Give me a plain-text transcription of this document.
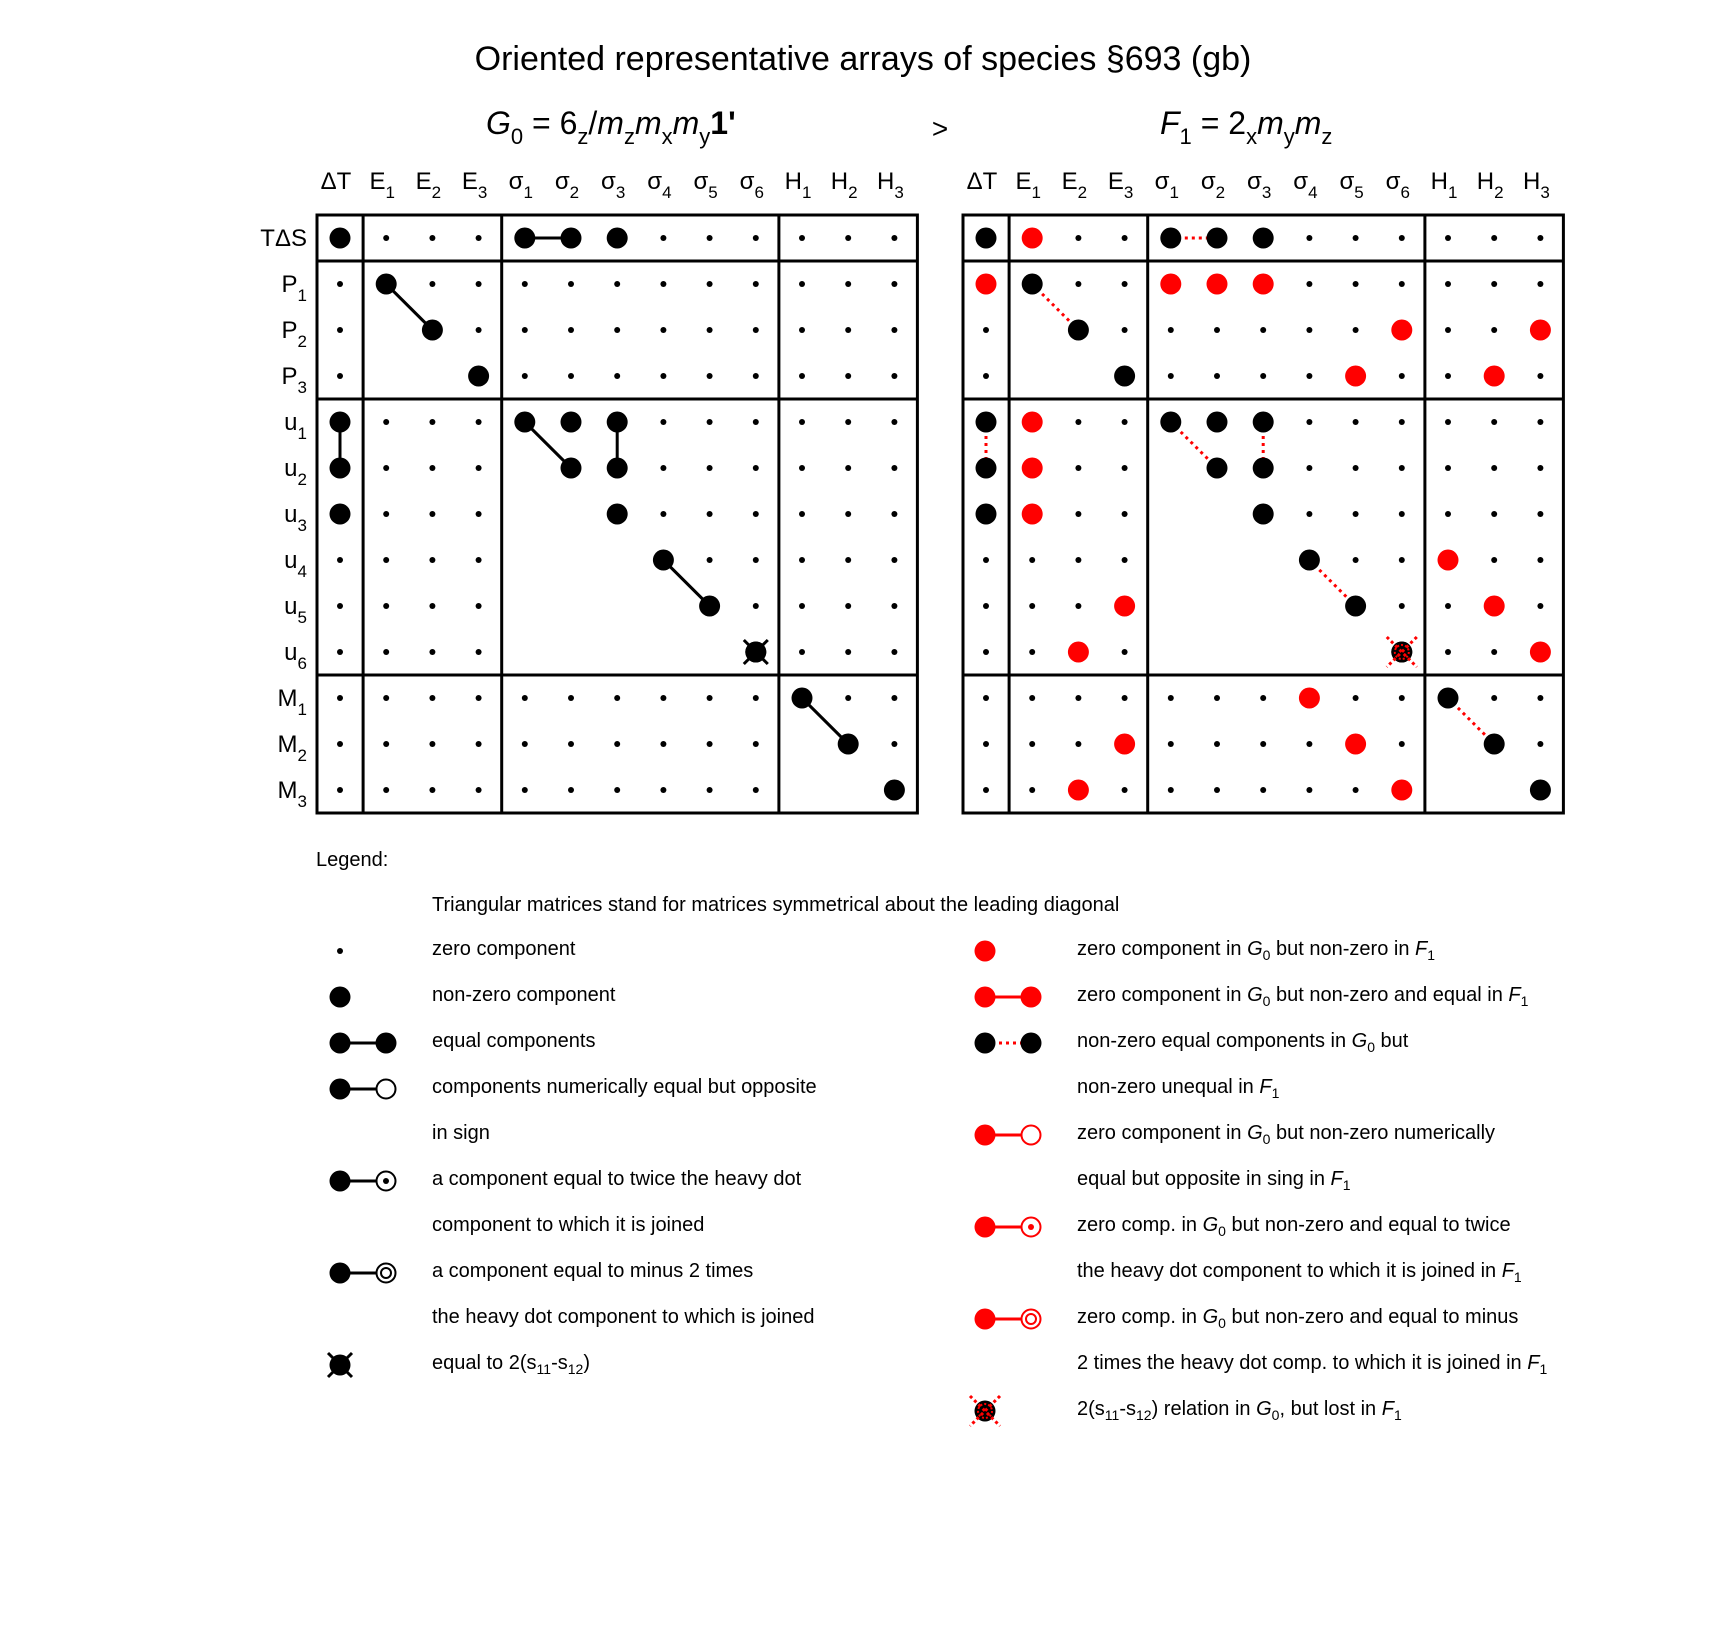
Oriented representative arrays of species §693 (gb)
>
$G_0 = 6_z/m_zm_xm_y1'$	$F_1 = 2_xm_ym_z$
ΔT $E_1$ $E_2$ $E_3$ $\sigma_1$ $\sigma_2$ $\sigma_3$ $\sigma_4$ $\sigma_5$ $\sigma_6$ $H_1$ $H_2$ $H_3$
TΔS
$P_1$
$P_2$
$P_3$
$u_1$
$u_2$
$u_3$
$u_4$
$u_5$
$u_6$
$M_1$
$M_2$
$M_3$
ΔT $E_1$ $E_2$ $E_3$ $\sigma_1$ $\sigma_2$ $\sigma_3$ $\sigma_4$ $\sigma_5$ $\sigma_6$ $H_1$ $H_2$ $H_3$
Legend:
Triangular matrices stand for matrices symmetrical about the leading diagonal
zero component
non-zero component
equal components
components numerically equal but opposite
in sign
a component equal to twice the heavy dot
component to which it is joined
a component equal to minus 2 times
the heavy dot component to which is joined
equal to $2(s_{11}-s_{12})$
zero component in $G_0$ but non-zero in $F_1$
zero component in $G_0$ but non-zero and equal in $F_1$
non-zero equal components in $G_0$ but
non-zero unequal in $F_1$
zero component in $G_0$ but non-zero numerically
equal but opposite in sing in $F_1$
zero comp. in $G_0$ but non-zero and equal to twice
the heavy dot component to which it is joined in $F_1$
zero comp. in $G_0$ but non-zero and equal to minus
2 times the heavy dot comp. to which it is joined in $F_1$
$2(s_{11}-s_{12})$ relation in $G_0$, but lost in $F_1$
